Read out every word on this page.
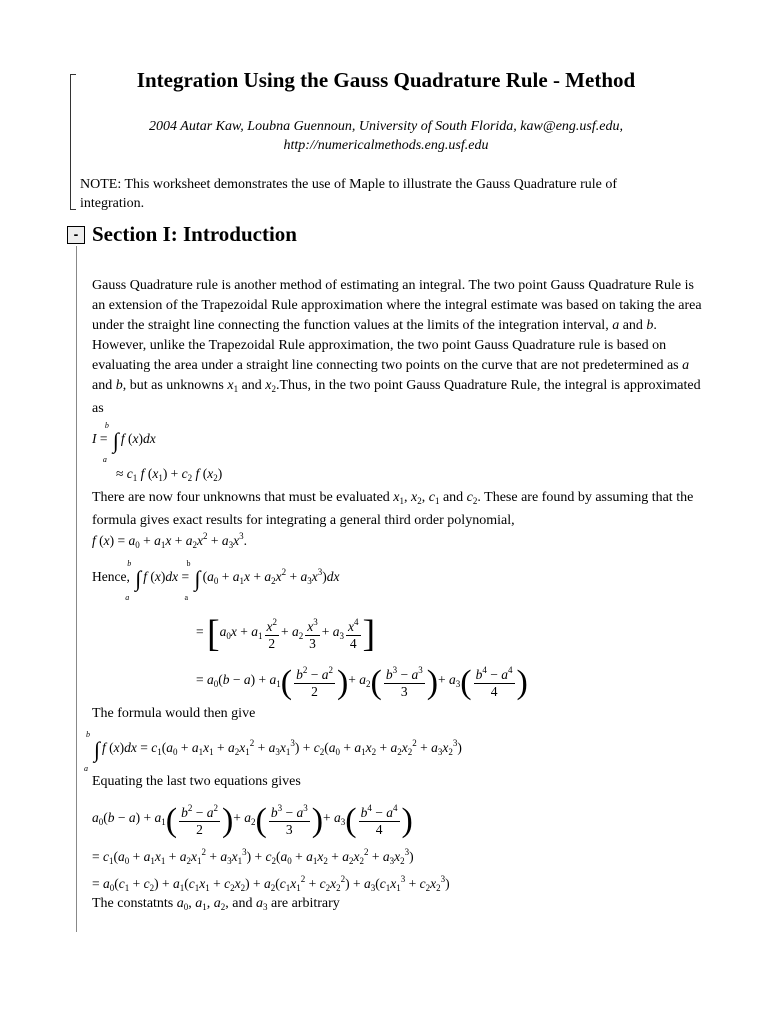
Integration Using the Gauss Quadrature Rule - Method
2004 Autar Kaw, Loubna Guennoun, University of South Florida, kaw@eng.usf.edu,
http://numericalmethods.eng.usf.edu
NOTE: This worksheet demonstrates the use of Maple to illustrate the Gauss Quadrature rule of integration.
- Section I: Introduction

Gauss Quadrature rule is another method of estimating an integral. The two point Gauss Quadrature Rule is an extension of the Trapezoidal Rule approximation where the integral estimate was based on taking the area under the straight line connecting the function values at the limits of the integration interval, a and b. However, unlike the Trapezoidal Rule approximation, the two point Gauss Quadrature rule is based on evaluating the area under a straight line connecting two points on the curve that are not predetermined as a and b, but as unknowns $x_1$ and $x_2.Thus$, in the two point Gauss Quadrature Rule, the integral is approximated as

I =
b
a
∫ f (x)dx
≈ $c_1$ f $(x_1) + c_2$ f $(x_2)$

There are now four unknowns that must be evaluated $x_1$, $x_2$, $c_1$ and $c_2$. These are found by assuming that the formula gives exact results for integrating a general third order polynomial,

f $(x) = a_0 + a_1x + a_2x^2 + a_3x^3$.
Hence,
b
a
∫ f (x)dx =
b
a
∫ $(a_0 + a_1x + a_2x^2 + a_3x^3)dx$
= [$a_0x + a_1 \frac{x^2}{2} + a_2 \frac{x^3}{3} + a_3 \frac{x^4}{4}$ ]
= $a_0(b - a) + a_1( \frac{b^2 - a^2}{2}$ )+ $a_2( \frac{b^3 - a^3}{3}$ )+ $a_3( \frac{b^4 - a^4}{4}$ )
The formula would then give
b
a
∫ f $(x)dx = c_1(a_0 + a_1x_1 + a_2x_1^2 + a_3x_1^3) + c_2(a_0 + a_1x_2 + a_2x_2^2 + a_3x_2^3)$
Equating the last two equations gives
$a_0(b - a) + a_1( \frac{b^2 - a^2}{2}$ )+ $a_2( \frac{b^3 - a^3}{3}$ )+ $a_3( \frac{b^4 - a^4}{4}$ )
= $c_1(a_0 + a_1x_1 + a_2x_1^2 + a_3x_1^3) + c_2(a_0 + a_1x_2 + a_2x_2^2 + a_3x_2^3)$
= $a_0(c_1 + c_2) + a_1(c_1x_1 + c_2x_2) + a_2(c_1x_1^2 + c_2x_2^2) + a_3(c_1x_1^3 + c_2x_2^3)$
The constatnts $a_0$, $a_1$, $a_2$, and $a_3$ are arbitrary
